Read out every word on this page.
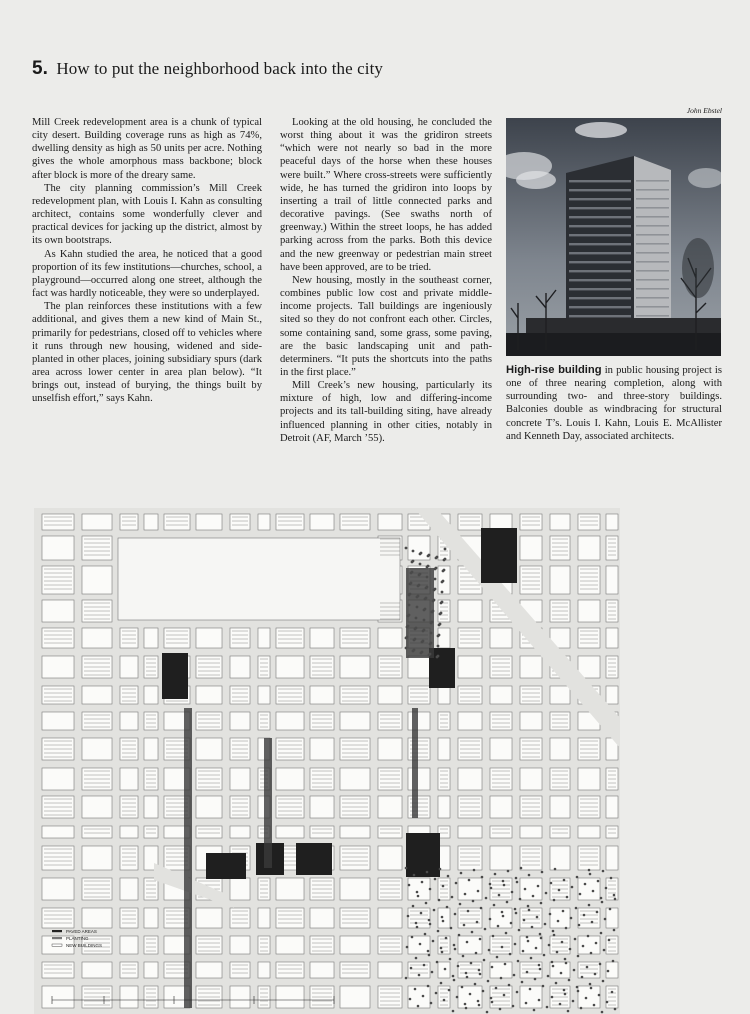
5. How to put the neighborhood back into the city

Mill Creek redevelopment area is a chunk of typical city desert. Building coverage runs as high as 74%, dwelling density as high as 50 units per acre. Nothing gives the whole amorphous mass backbone; block after block is more of the dreary same.

The city planning commission’s Mill Creek redevelopment plan, with Louis I. Kahn as consulting architect, contains some wonderfully clever and practical devices for jacking up the district, almost by its own bootstraps.

As Kahn studied the area, he noticed that a good proportion of its few institutions—churches, school, a playground—occurred along one street, although the fact was hardly noticeable, they were so underplayed.

The plan reinforces these institutions with a few additional, and gives them a new kind of Main St., primarily for pedestrians, closed off to vehicles where it runs through new housing, widened and side-planted in other places, joining subsidiary spurs (dark area across lower center in area plan below). “It brings out, instead of burying, the things built by unselfish effort,” says Kahn.

Looking at the old housing, he concluded the worst thing about it was the gridiron streets “which were not nearly so bad in the more peaceful days of the horse when these houses were built.” Where cross-streets were sufficiently wide, he has turned the gridiron into loops by inserting a trail of little connected parks and decorative pavings. (See swaths north of greenway.) Within the street loops, he has added parking across from the parks. Both this device and the new greenway or pedestrian main street have been approved, are to be tried.

New housing, mostly in the southeast corner, combines public low cost and private middle-income projects. Tall buildings are ingeniously sited so they do not confront each other. Circles, some containing sand, some grass, some paving, are the basic landscaping unit and path-determiners. “It puts the shortcuts into the paths in the first place.”

Mill Creek’s new housing, particularly its mixture of high, low and differing-income projects and its tall-building siting, have already influenced planning in other cities, notably in Detroit (AF, March ’55).

John Ebstel
High-rise building in public housing project is one of three nearing completion, along with surrounding two- and three-story buildings. Balconies double as windbracing for structural concrete T’s. Louis I. Kahn, Louis E. McAllister and Kenneth Day, associated architects.
PAVED AREAS
PLANTING
NEW BUILDINGS
